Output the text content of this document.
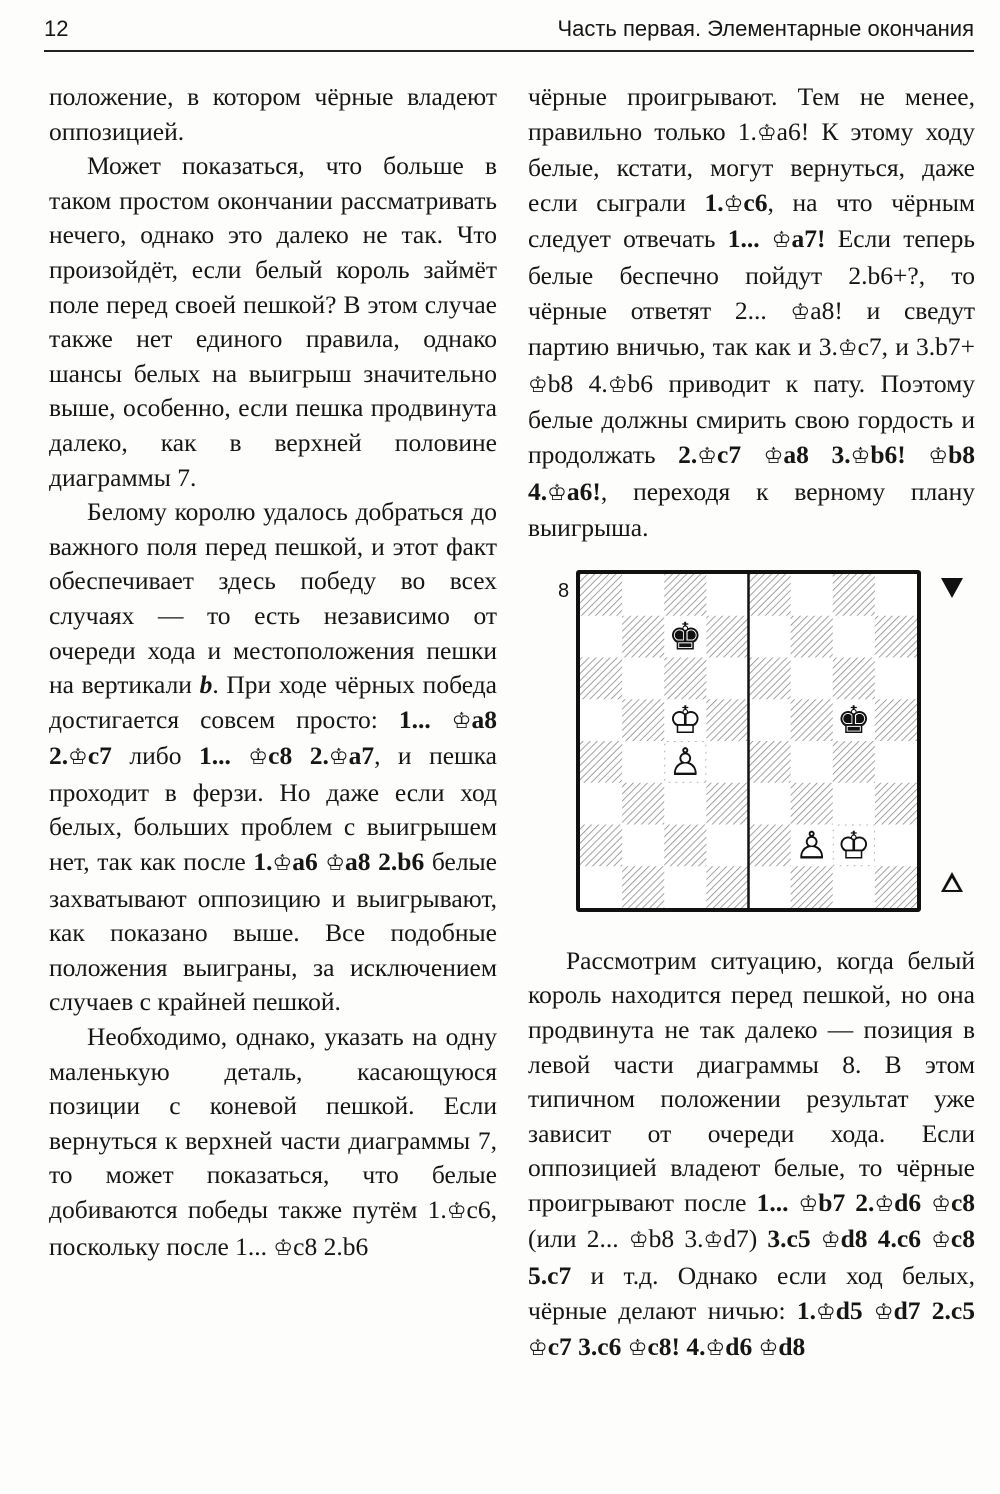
12	Часть первая. Элементарные окончания

положение, в котором чёрные владеют оппозицией.

Может показаться, что больше в таком простом окончании рассматривать нечего, однако это далеко не так. Что произойдёт, если белый король займёт поле перед своей пешкой? В этом случае также нет единого правила, однако шансы белых на выигрыш значительно выше, особенно, если пешка продвинута далеко, как в верхней половине диаграммы 7.

Белому королю удалось добраться до важного поля перед пешкой, и этот факт обеспечивает здесь победу во всех случаях — то есть независимо от очереди хода и местоположения пешки на вертикали b. При ходе чёрных победа достигается совсем просто: 1... ♔a8 2.♔c7 либо 1... ♔c8 2.♔a7, и пешка проходит в ферзи. Но даже если ход белых, больших проблем с выигрышем нет, так как после 1.♔a6 ♔a8 2.b6 белые захватывают оппозицию и выигрывают, как показано выше. Все подобные положения выиграны, за исключением случаев с крайней пешкой.

Необходимо, однако, указать на одну маленькую деталь, касающуюся позиции с коневой пешкой. Если вернуться к верхней части диаграммы 7, то может показаться, что белые добиваются победы также путём 1.♔c6, поскольку после 1... ♔c8 2.b6

чёрные проигрывают. Тем не менее, правильно только 1.♔a6! К этому ходу белые, кстати, могут вернуться, даже если сыграли 1.♔c6, на что чёрным следует отвечать 1... ♔a7! Если теперь белые беспечно пойдут 2.b6+?, то чёрные ответят 2... ♔a8! и сведут партию вничью, так как и 3.♔c7, и 3.b7+ ♔b8 4.♔b6 приводит к пату. Поэтому белые должны смирить свою гордость и продолжать 2.♔c7 ♔a8 3.♔b6! ♔b8 4.♔a6!, переходя к верному плану выигрыша.

8
♚
♔
♙
♚
♙ ♔

Рассмотрим ситуацию, когда белый король находится перед пешкой, но она продвинута не так далеко — позиция в левой части диаграммы 8. В этом типичном положении результат уже зависит от очереди хода. Если оппозицией владеют белые, то чёрные проигрывают после 1... ♔b7 2.♔d6 ♔c8 (или 2... ♔b8 3.♔d7) 3.c5 ♔d8 4.c6 ♔c8 5.c7 и т.д. Однако если ход белых, чёрные делают ничью: 1.♔d5 ♔d7 2.c5 ♔c7 3.c6 ♔c8! 4.♔d6 ♔d8
